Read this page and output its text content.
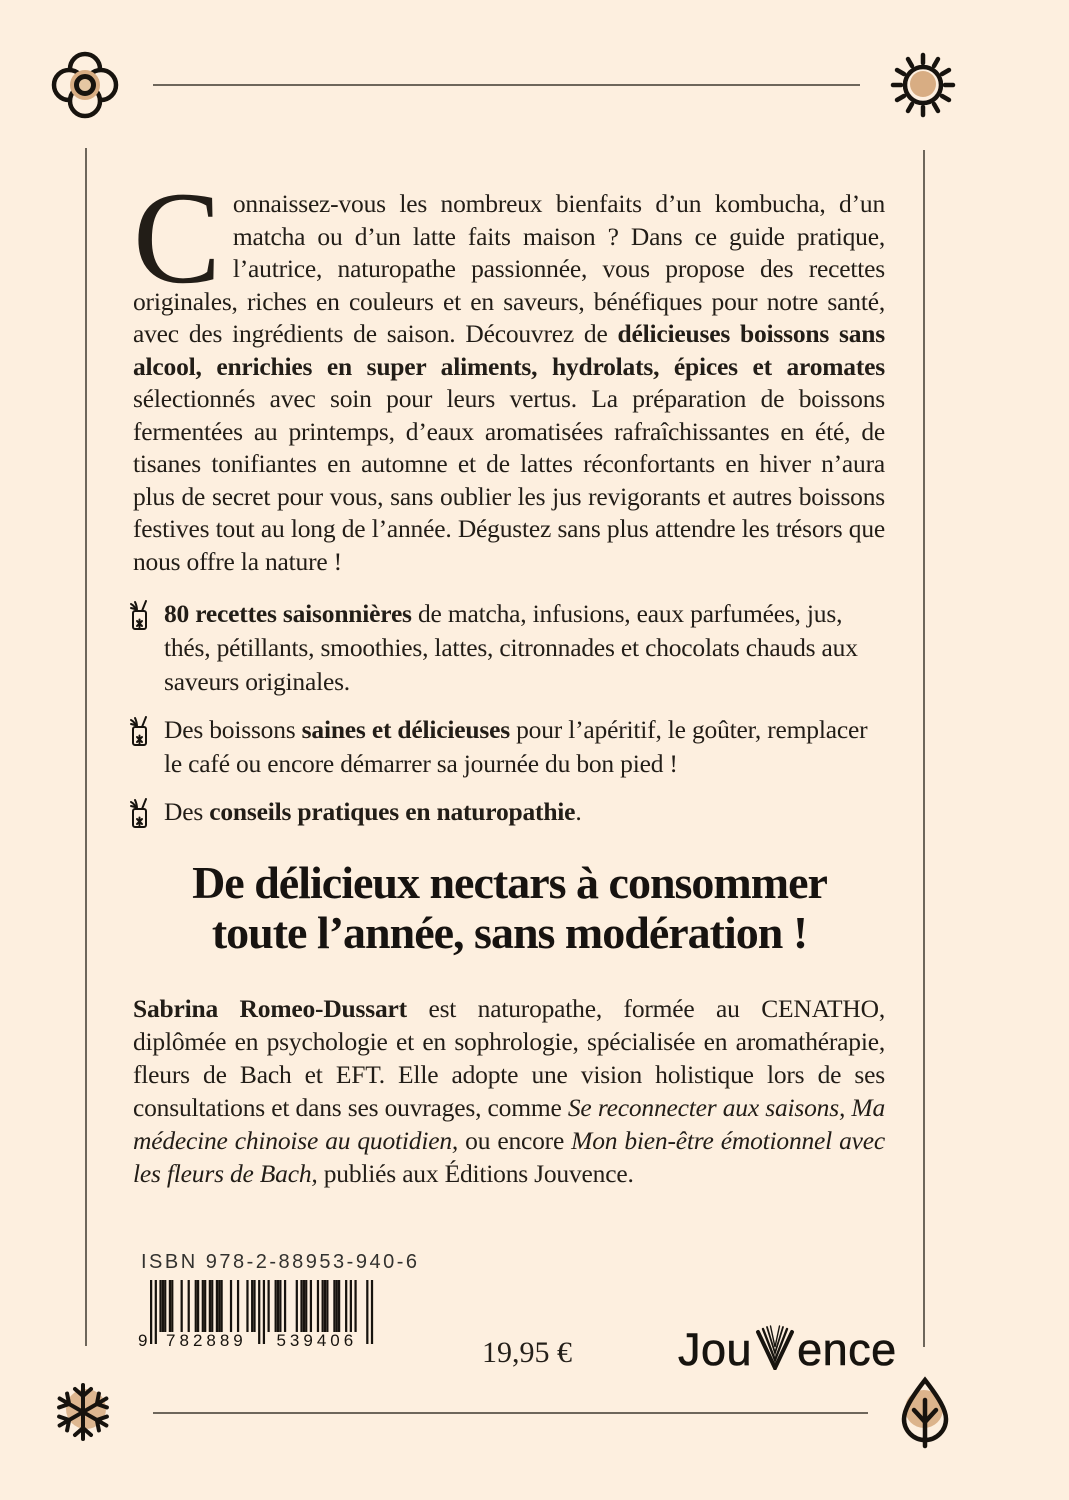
Connaissez-vous les nombreux bienfaits d’un kombucha, d’un matcha ou d’un latte faits maison ? Dans ce guide pratique, l’autrice, naturopathe passionnée, vous propose des recettes originales, riches en couleurs et en saveurs, bénéfiques pour notre santé, avec des ingrédients de saison. Découvrez de délicieuses boissons sans alcool, enrichies en super aliments, hydrolats, épices et aromates sélectionnés avec soin pour leurs vertus. La préparation de boissons fermentées au printemps, d’eaux aromatisées rafraîchissantes en été, de tisanes tonifiantes en automne et de lattes réconfortants en hiver n’aura plus de secret pour vous, sans oublier les jus revigorants et autres boissons festives tout au long de l’année. Dégustez sans plus attendre les trésors que nous offre la nature !
80 recettes saisonnières de matcha, infusions, eaux parfumées, jus, thés, pétillants, smoothies, lattes, citronnades et chocolats chauds aux saveurs originales.
Des boissons saines et délicieuses pour l’apéritif, le goûter, remplacer le café ou encore démarrer sa journée du bon pied !
Des conseils pratiques en naturopathie.
De délicieux nectars à consommer
toute l’année, sans modération !
Sabrina Romeo-Dussart est naturopathe, formée au CENATHO, diplômée en psychologie et en sophrologie, spécialisée en aromathérapie, fleurs de Bach et EFT. Elle adopte une vision holistique lors de ses consultations et dans ses ouvrages, comme Se reconnecter aux saisons, Ma médecine chinoise au quotidien, ou encore Mon bien-être émotionnel avec les fleurs de Bach, publiés aux Éditions Jouvence.
ISBN 978-2-88953-940-6
9 782889 539406	19,95 €	Jou ence
